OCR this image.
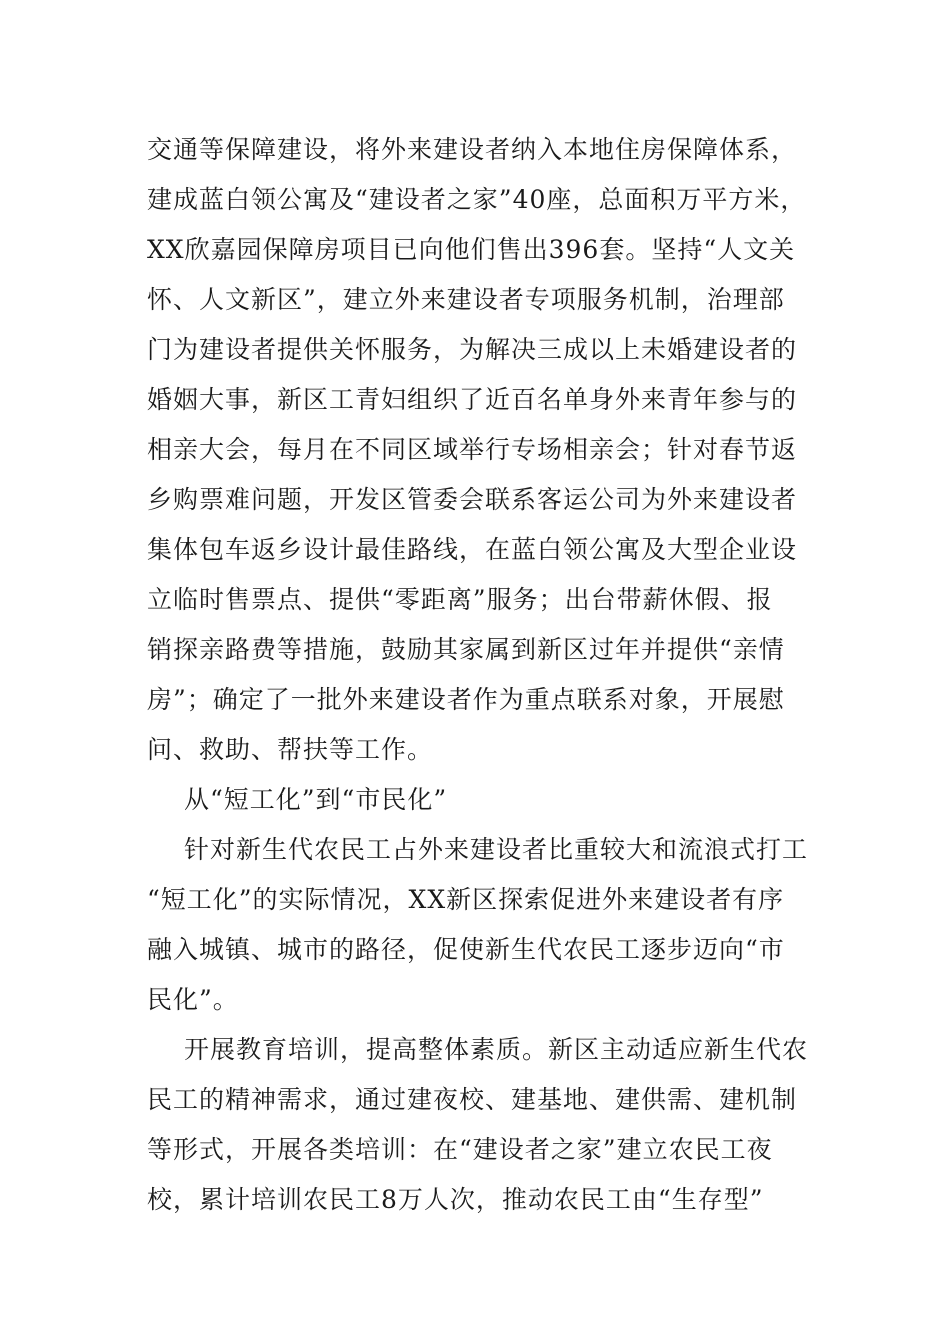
交通等保障建设，将外来建设者纳入本地住房保障体系，
建成蓝白领公寓及“建设者之家”40座，总面积万平方米，
XX欣嘉园保障房项目已向他们售出396套。坚持“人文关
怀、人文新区”，建立外来建设者专项服务机制，治理部
门为建设者提供关怀服务，为解决三成以上未婚建设者的
婚姻大事，新区工青妇组织了近百名单身外来青年参与的
相亲大会，每月在不同区域举行专场相亲会；针对春节返
乡购票难问题，开发区管委会联系客运公司为外来建设者
集体包车返乡设计最佳路线，在蓝白领公寓及大型企业设
立临时售票点、提供“零距离”服务；出台带薪休假、报
销探亲路费等措施，鼓励其家属到新区过年并提供“亲情
房”；确定了一批外来建设者作为重点联系对象，开展慰
问、救助、帮扶等工作。
从“短工化”到“市民化”
针对新生代农民工占外来建设者比重较大和流浪式打工
“短工化”的实际情况，XX新区探索促进外来建设者有序
融入城镇、城市的路径，促使新生代农民工逐步迈向“市
民化”。
开展教育培训，提高整体素质。新区主动适应新生代农
民工的精神需求，通过建夜校、建基地、建供需、建机制
等形式，开展各类培训：在“建设者之家”建立农民工夜
校，累计培训农民工8万人次，推动农民工由“生存型”
